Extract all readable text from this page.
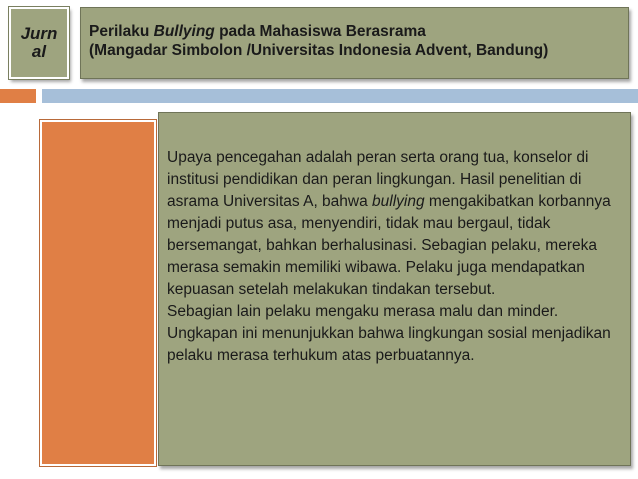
Jurnal
Perilaku Bullying pada Mahasiswa Berasrama
(Mangadar Simbolon /Universitas Indonesia Advent, Bandung)

Upaya pencegahan adalah peran serta orang tua, konselor di institusi pendidikan dan peran lingkungan. Hasil penelitian di asrama Universitas A, bahwa bullying mengakibatkan korbannya menjadi putus asa, menyendiri, tidak mau bergaul, tidak bersemangat, bahkan berhalusinasi. Sebagian pelaku, mereka merasa semakin memiliki wibawa. Pelaku juga mendapatkan kepuasan setelah melakukan tindakan tersebut.

Sebagian lain pelaku mengaku merasa malu dan minder. Ungkapan ini menunjukkan bahwa lingkungan sosial menjadikan pelaku merasa terhukum atas perbuatannya.
